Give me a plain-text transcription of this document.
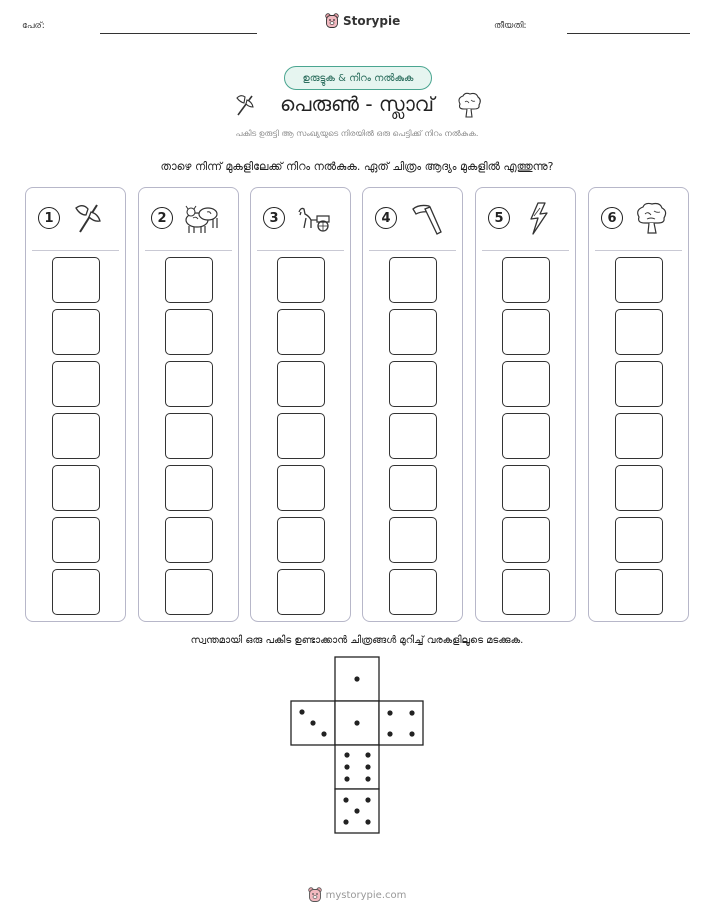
പേര്:	Storypie	തീയതി:
ഉരുട്ടുക & നിറം നൽകുക
പെരുൺ - സ്ലാവ്
പകിട ഉരുട്ടി ആ സംഖ്യയുടെ നിരയിൽ ഒരു പെട്ടിക്ക് നിറം നൽകുക.
താഴെ നിന്ന് മുകളിലേക്ക് നിറം നൽകുക. ഏത് ചിത്രം ആദ്യം മുകളിൽ എത്തുന്നു?
1	2	3	4	5	6
സ്വന്തമായി ഒരു പകിട ഉണ്ടാക്കാൻ ചിത്രങ്ങൾ മുറിച്ച് വരകളിലൂടെ മടക്കുക.
mystorypie.com
